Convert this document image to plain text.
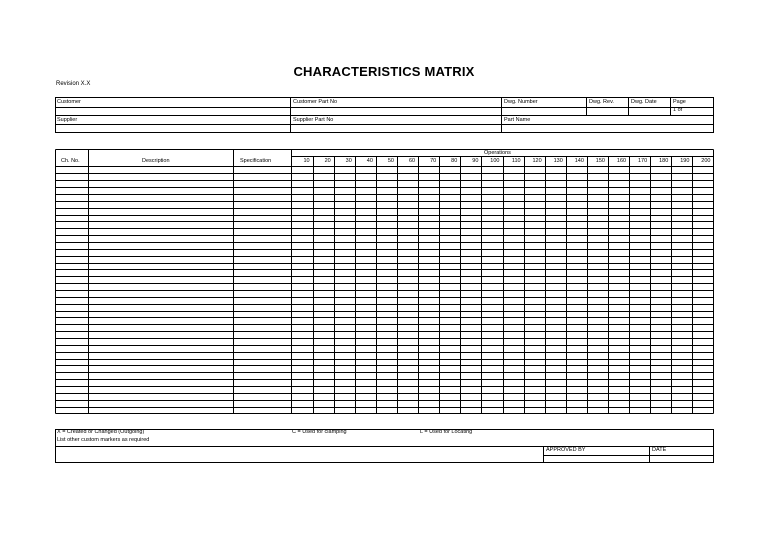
CHARACTERISTICS MATRIX
Revision X.X
Customer	Customer Part No	Dwg. Number	Dwg. Rev.	Dwg. Date	Page
1 of
Supplier	Supplier Part No	Part Name
Operations
Ch. No.	Description	Specification	10	20	30	40	50	60	70	80	90	100	110	120	130	140	150	160	170	180	190	200
X = Created or Changed (Outgoing)	C = Used for clamping	L = Used for Locating
List other custom markers as required
APPROVED BY	DATE
